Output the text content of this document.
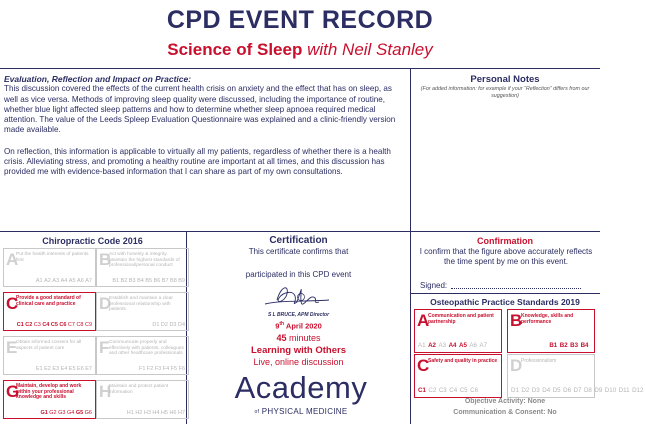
CPD EVENT RECORD
Science of Sleep with Neil Stanley
Evaluation, Reflection and Impact on Practice:

This discussion covered the effects of the current health crisis on anxiety and the effect that has on sleep, as well as vice versa. Methods of improving sleep quality were discussed, including the importance of routine, whether blue light affected sleep patterns and how to determine whether sleep apnoea required medical attention. The value of the Leeds Spleep Evaluation Questionnaire was explained and a clinic-friendly version made available.

On reflection, this information is applicable to virtually all my patients, regardless of whether there is a health crisis. Alleviating stress, and promoting a healthy routine are important at all times, and this discussion has provided me with evidence-based information that I can share as part of my own consultations.

Personal Notes
(For added information: for example if your “Reflection” differs from our suggestion)
Chiropractic Code 2016
A
Put the health interests of patients first
A1 A2 A3 A4 A5 A6 A7
B
Act with honesty & integrity. Maintain the highest standards of professional/personal conduct
B1 B2 B3 B4 B5 B6 B7 B8 B9
C
Provide a good standard of clinical care and practice
C1 C2 C3 C4 C5 C6 C7 C8 C9
D
Establish and maintain a clear professional relationship with patients
D1 D2 D3 D4
E
Obtain informed consent for all aspects of patient care
E1 E2 E3 E4 E5 E6 E7
F Communicate properly and effectively with patients, colleagues and other healthcare professionals
F1 F2 F3 F4 F5 F6
G
Maintain, develop and work within your professional knowledge and skills
G1 G2 G3 G4 G5 G6
H
Maintain and protect patient information
H1 H2 H3 H4 H5 H6 H7
Certification
This certificate confirms that
participated in this CPD event
S L BRUCE, APM Director
9th April 2020
45 minutes
Learning with Others
Live, online discussion
Academy
of PHYSICAL MEDICINE
Confirmation
I confirm that the figure above accurately reflects the time spent by me on this event.
Signed:
Osteopathic Practice Standards 2019
A
Communication and patient partnership
A1 A2 A3 A4 A5 A6 A7
B
Knowledge, skills and performance
B1 B2 B3 B4
C
Safety and quality in practice
C1 C2 C3 C4 C5 C6
D
Professionalism
D1 D2 D3 D4 D5 D6 D7 D8 D9 D10 D11 D12
Objective Activity: None
Communication & Consent: No
